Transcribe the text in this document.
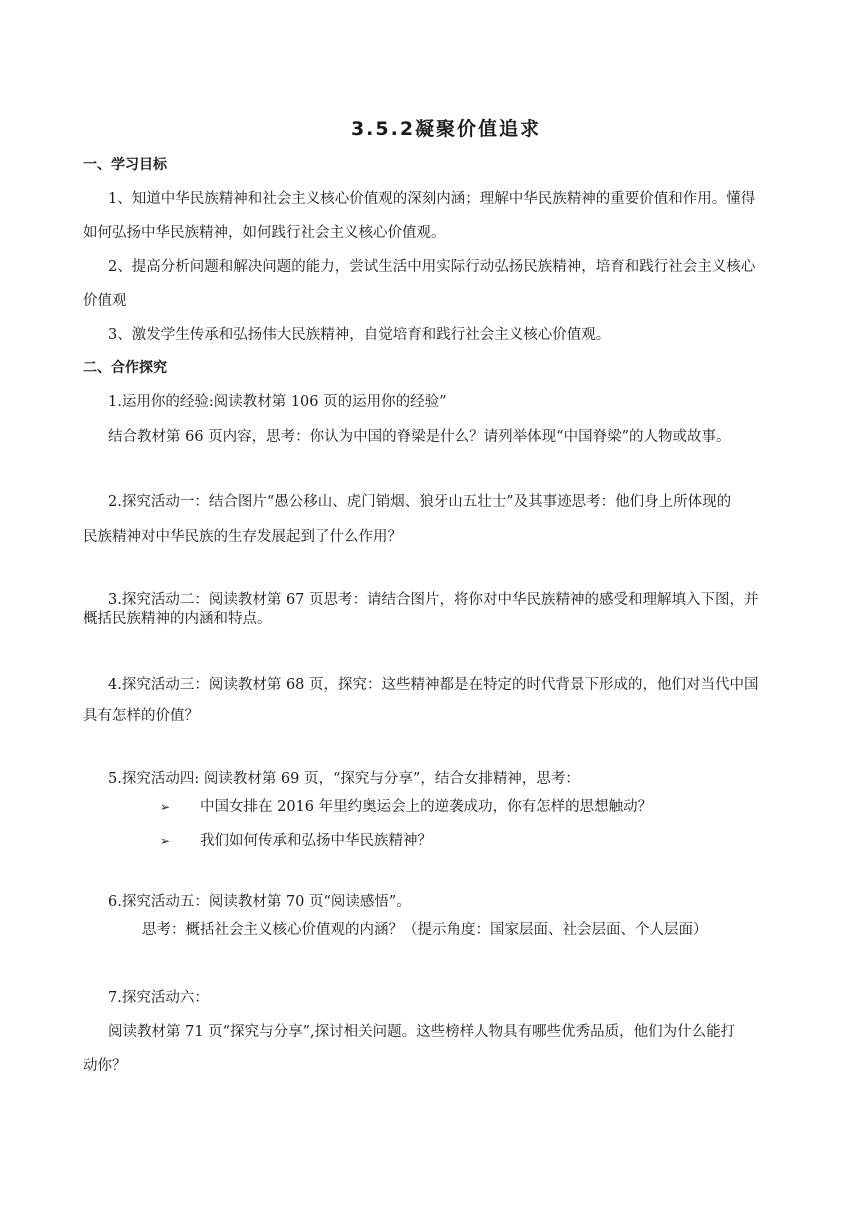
3.5.2凝聚价值追求
一、学习目标
1、知道中华民族精神和社会主义核心价值观的深刻内涵；理解中华民族精神的重要价值和作用。懂得
如何弘扬中华民族精神，如何践行社会主义核心价值观。
2、提高分析问题和解决问题的能力，尝试生活中用实际行动弘扬民族精神，培育和践行社会主义核心
价值观
3、激发学生传承和弘扬伟大民族精神，自觉培育和践行社会主义核心价值观。
二、合作探究
1.运用你的经验:阅读教材第 106 页的运用你的经验”
结合教材第 66 页内容，思考：你认为中国的脊梁是什么？请列举体现“中国脊梁”的人物或故事。
2.探究活动一：结合图片“愚公移山、虎门销烟、狼牙山五壮士”及其事迹思考：他们身上所体现的
民族精神对中华民族的生存发展起到了什么作用？
3.探究活动二：阅读教材第 67 页思考：请结合图片，将你对中华民族精神的感受和理解填入下图，并
概括民族精神的内涵和特点。
4.探究活动三：阅读教材第 68 页，探究：这些精神都是在特定的时代背景下形成的，他们对当代中国
具有怎样的价值？
5.探究活动四: 阅读教材第 69 页，“探究与分享”，结合女排精神，思考：
➢ 中国女排在 2016 年里约奥运会上的逆袭成功，你有怎样的思想触动？
➢ 我们如何传承和弘扬中华民族精神？
6.探究活动五：阅读教材第 70 页“阅读感悟”。
思考：概括社会主义核心价值观的内涵？（提示角度：国家层面、社会层面、个人层面）
7.探究活动六：
阅读教材第 71 页“探究与分享”,探讨相关问题。这些榜样人物具有哪些优秀品质，他们为什么能打
动你？
